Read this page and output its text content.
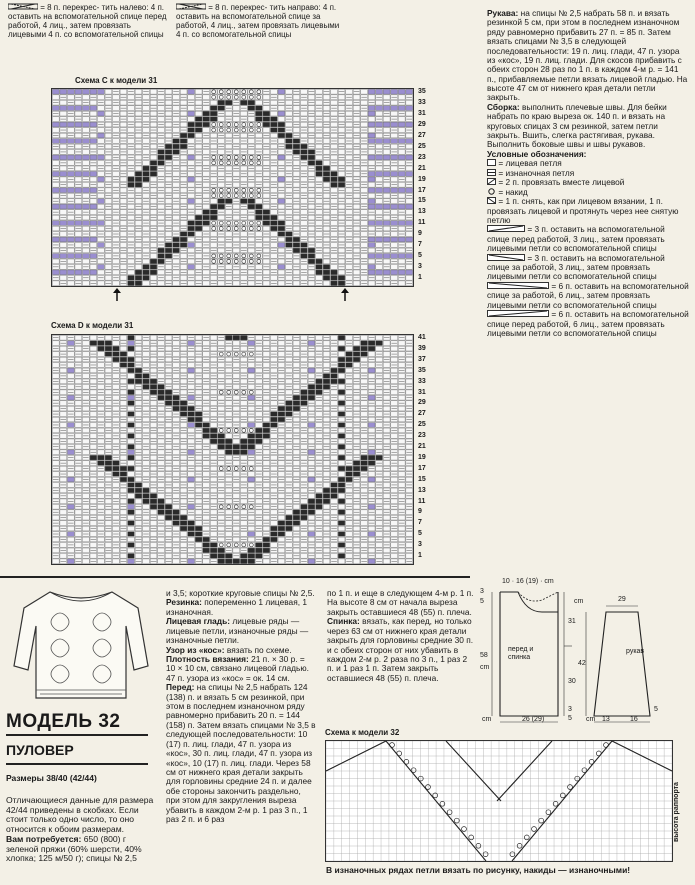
= 8 п. перекрес- тить налево: 4 п. оставить на вспомогательной спице перед работой, 4 лиц., затем провязать лицевыми 4 п. со вспомогательной спицы
= 8 п. перекрес- тить направо: 4 п. оставить на вспомогательной спице за работой, 4 лиц., затем провязать лицевыми 4 п. со вспомогательной спицы
Схема С к модели 31
35
33
31
29
27
25
23
21
19
17
15
13
11
9
7
5
3
1
Схема D к модели 31
41
39
37
35
33
31
29
27
25
23
21
19
17
15
13
11
9
7
5
3
1

Рукава: на спицы № 2,5 набрать 58 п. и вязать резинкой 5 см, при этом в последнем изнаночном ряду равномерно прибавить 27 п. = 85 п. Затем вязать спицами № 3,5 в следующей последовательности: 19 п. лиц. глади, 47 п. узора из «кос», 19 п. лиц. глади. Для скосов прибавить с обеих сторон 28 раз по 1 п. в каждом 4-м р. = 141 п., прибавляемые петли вязать лицевой гладью. На высоте 47 см от нижнего края детали петли закрыть.

Сборка: выполнить плечевые швы. Для бейки набрать по краю выреза ок. 140 п. и вязать на круговых спицах 3 см резинкой, затем петли закрыть. Вшить, слегка растягивая, рукава. Выполнить боковые швы и швы рукавов.

Условные обозначения:

= лицевая петля

= изнаночная петля

= 2 п. провязать вместе лицевой

= накид

= 1 п. снять, как при лицевом вязании, 1 п. провязать лицевой и протянуть через нее снятую петлю

= 3 п. оставить на вспомогательной спице перед работой, 3 лиц., затем провязать лицевыми петли со вспомогательной спицы

= 3 п. оставить на вспомогательной спице за работой, 3 лиц., затем провязать лицевыми петли со вспомогательной спицы

= 6 п. оставить на вспомогательной спице за работой, 6 лиц., затем провязать лицевыми петли со вспомогательной спицы

= 6 п. оставить на вспомогательной спице перед работой, 6 лиц., затем провязать лицевыми петли со вспомогательной спицы

МОДЕЛЬ 32
ПУЛОВЕР
Размеры 38/40 (42/44)

Отличающиеся данные для размера 42/44 приведены в скобках. Если стоит только одно число, то оно относится к обоим размерам.

Вам потребуется: 650 (800) г зеленой пряжи (60% шерсти, 40% хлопка; 125 м/50 г); спицы № 2,5

и 3,5; короткие круговые спицы № 2,5.

Резинка: попеременно 1 лицевая, 1 изнаночная.

Лицевая гладь: лицевые ряды — лицевые петли, изнаночные ряды — изнаночные петли.

Узор из «кос»: вязать по схеме.

Плотность вязания: 21 п. × 30 р. = 10 × 10 см, связано лицевой гладью. 47 п. узора из «кос» = ок. 14 см.

Перед: на спицы № 2,5 набрать 124 (138) п. и вязать 5 см резинкой, при этом в последнем изнаночном ряду равномерно прибавить 20 п. = 144 (158) п. Затем вязать спицами № 3,5 в следующей последовательности: 10 (17) п. лиц. глади, 47 п. узора из «кос», 30 п. лиц. глади, 47 п. узора из «кос», 10 (17) п. лиц. глади. Через 58 см от нижнего края детали закрыть для горловины средние 24 п. и далее обе стороны закончить раздельно, при этом для закругления выреза убавить в каждом 2-м р. 1 раз 3 п., 1 раз 2 п. и 6 раз

по 1 п. и еще в следующем 4-м р. 1 п. На высоте 8 см от начала выреза закрыть оставшиеся 48 (55) п. плеча.

Спинка: вязать, как перед, но только через 63 см от нижнего края детали закрыть для горловины средние 30 п. и с обеих сторон от них убавить в каждом 2-м р. 2 раза по 3 п., 1 раз 2 п. и 1 раз 1 п. Затем закрыть оставшиеся 48 (55) п. плеча.

10 · 16 (19) · cm
3
5
58
cm
31
30
3
5
перед и спинка
26 (29)
cm
cm	29
42
рукав
5
cm 13	16
Схема к модели 32
высота раппорта
В изнаночных рядах петли вязать по рисунку, накиды — изнаночными!
